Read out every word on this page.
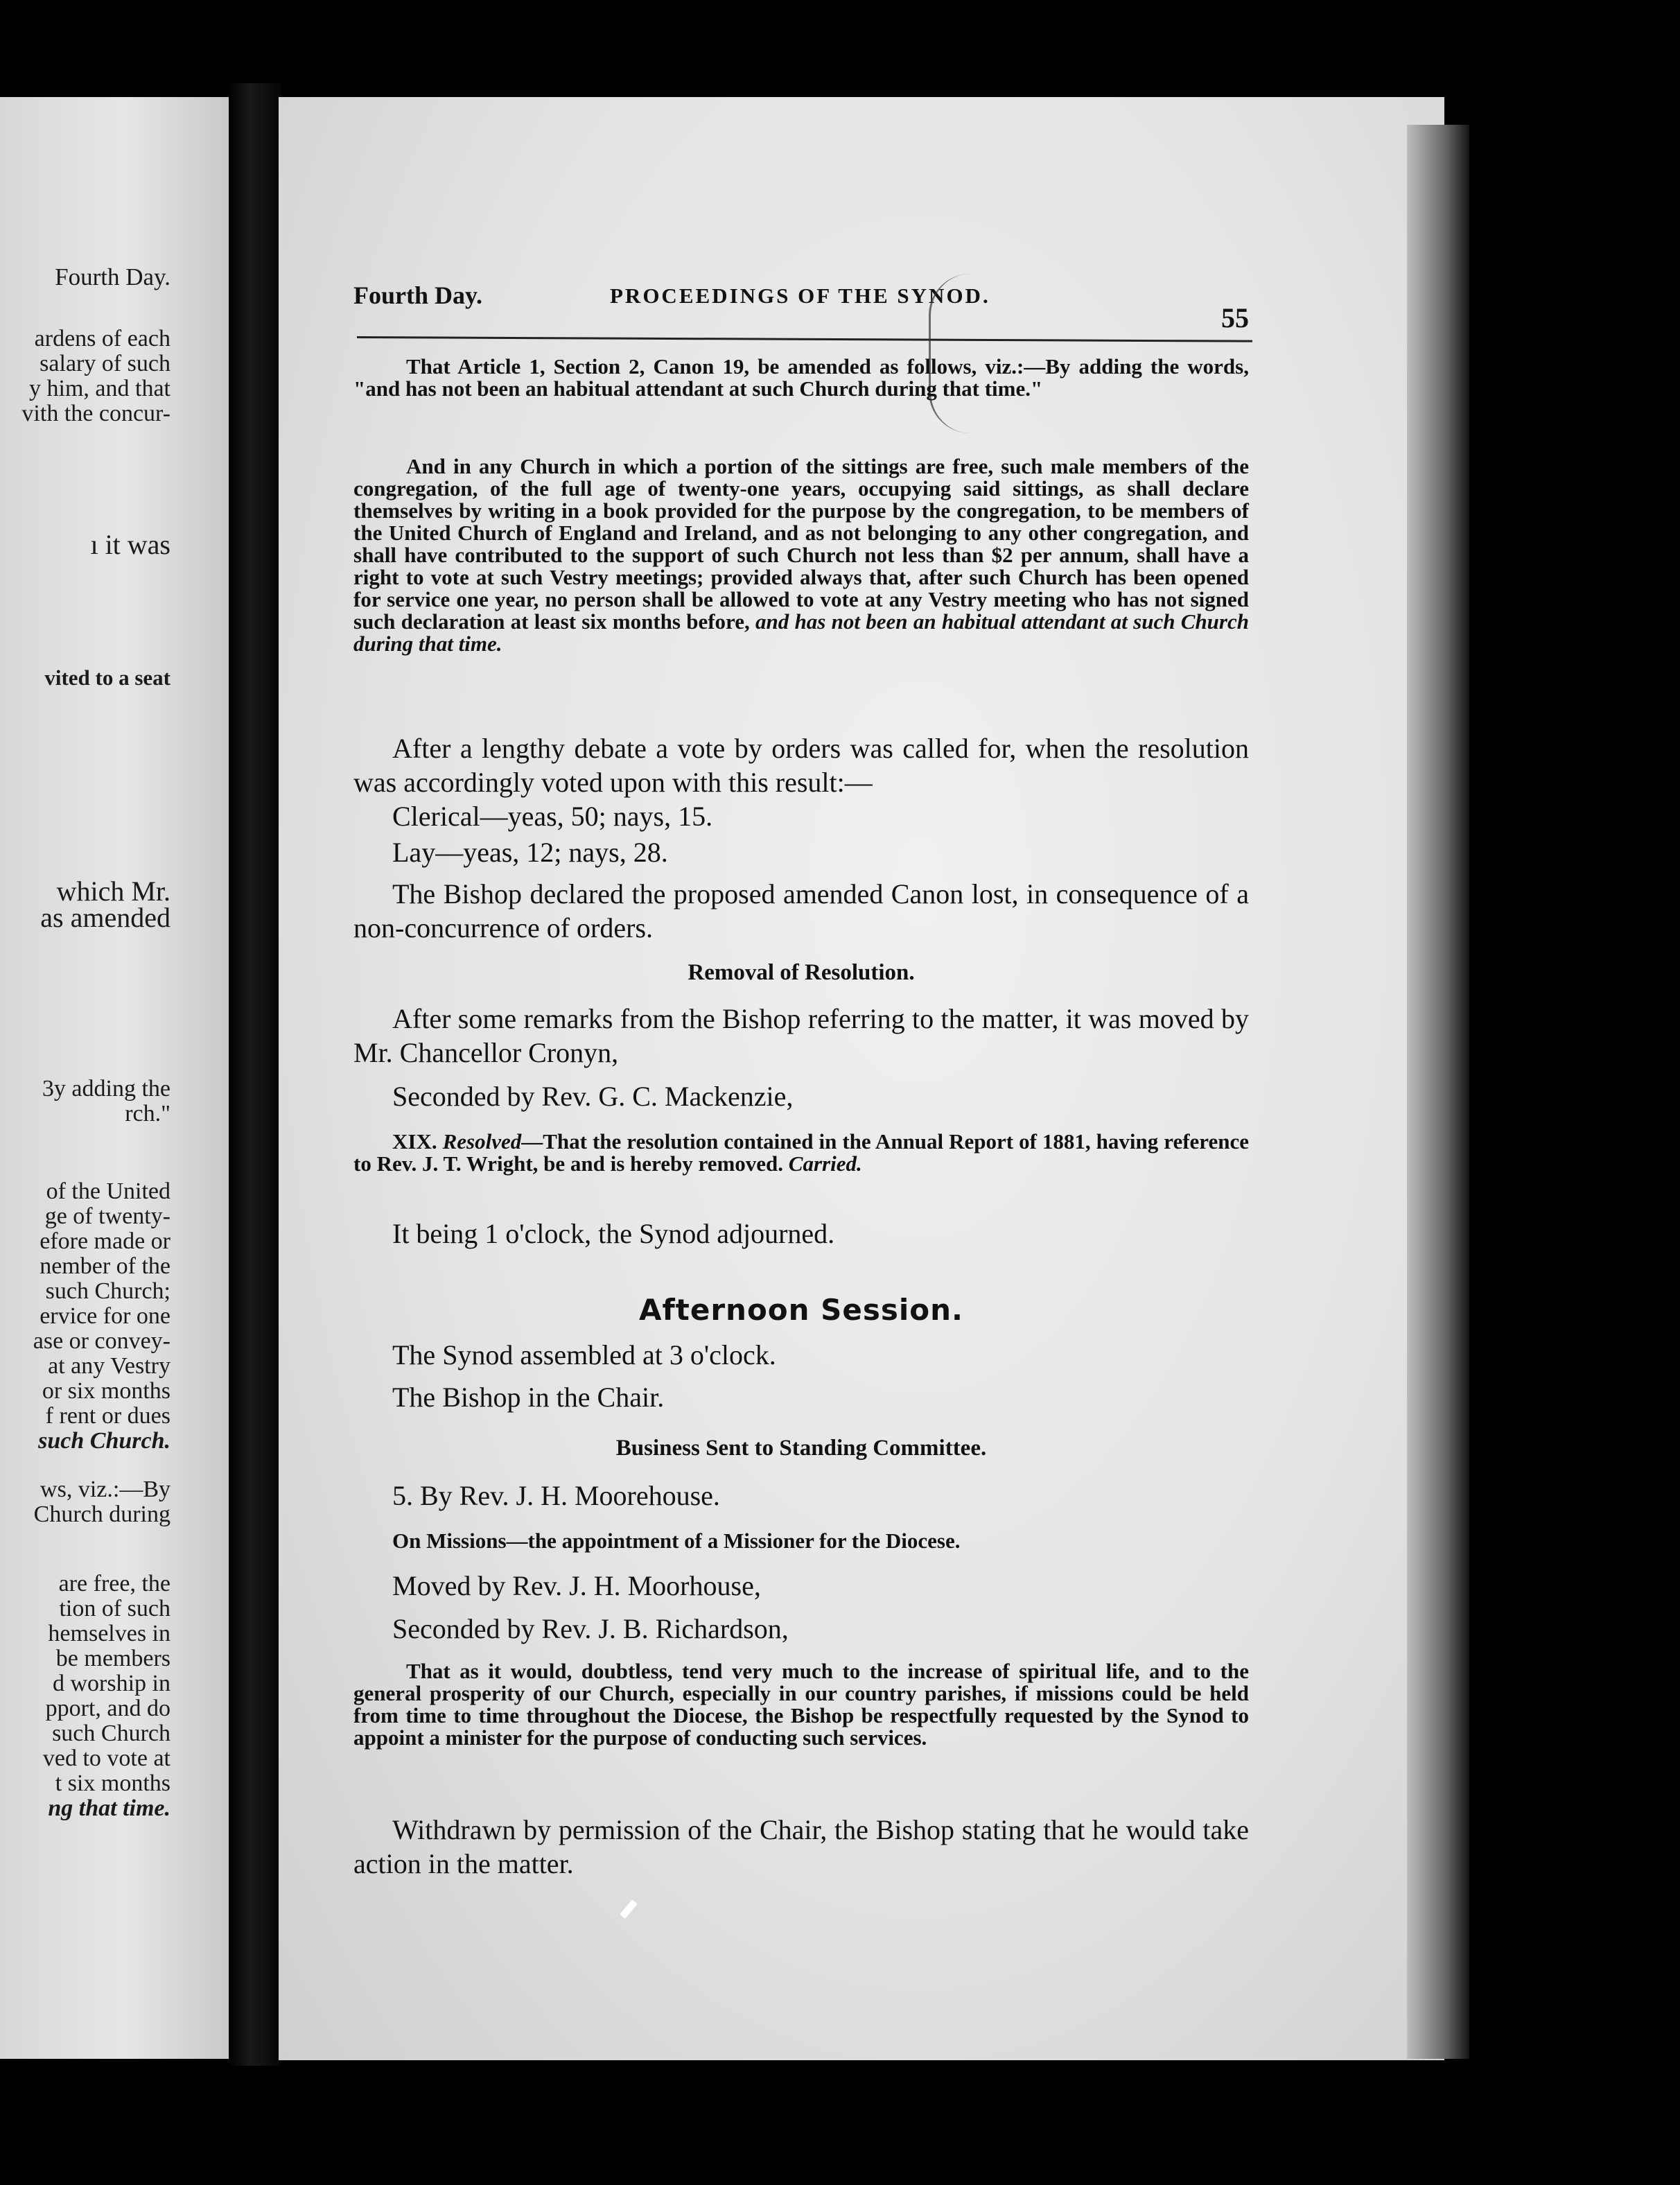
Fourth Day.
ardens of each
salary of such
y him, and that
vith the concur-
ı it was
vited to a seat
which Mr.
as amended
3y adding the
rch."
of the United
ge of twenty-
efore made or
nember of the
such Church;
ervice for one
ase or convey-
at any Vestry
or six months
f rent or dues
such Church.
ws, viz.:—By
Church during
are free, the
tion of such
hemselves in
be members
d worship in
pport, and do
such Church
ved to vote at
t six months
ng that time.
Fourth Day.	PROCEEDINGS OF THE SYNOD.
55

That Article 1, Section 2, Canon 19, be amended as follows, viz.:—By adding the words, "and has not been an habitual attendant at such Church during that time."

And in any Church in which a portion of the sittings are free, such male members of the congregation, of the full age of twenty-one years, occupying said sittings, as shall declare themselves by writing in a book provided for the purpose by the congregation, to be members of the United Church of England and Ireland, and as not belonging to any other congregation, and shall have contributed to the support of such Church not less than $2 per annum, shall have a right to vote at such Vestry meetings; provided always that, after such Church has been opened for service one year, no person shall be allowed to vote at any Vestry meeting who has not signed such declaration at least six months before, and has not been an habitual attendant at such Church during that time.

After a lengthy debate a vote by orders was called for, when the resolution was accordingly voted upon with this result:—

Clerical—yeas, 50; nays, 15.

Lay—yeas, 12; nays, 28.

The Bishop declared the proposed amended Canon lost, in consequence of a non-concurrence of orders.

Removal of Resolution.

After some remarks from the Bishop referring to the matter, it was moved by Mr. Chancellor Cronyn,

Seconded by Rev. G. C. Mackenzie,

XIX. Resolved—That the resolution contained in the Annual Report of 1881, having reference to Rev. J. T. Wright, be and is hereby removed. Carried.

It being 1 o'clock, the Synod adjourned.

Afternoon Session.

The Synod assembled at 3 o'clock.

The Bishop in the Chair.

Business Sent to Standing Committee.

5. By Rev. J. H. Moorehouse.

On Missions—the appointment of a Missioner for the Diocese.

Moved by Rev. J. H. Moorhouse,

Seconded by Rev. J. B. Richardson,

That as it would, doubtless, tend very much to the increase of spiritual life, and to the general prosperity of our Church, especially in our country parishes, if missions could be held from time to time throughout the Diocese, the Bishop be respectfully requested by the Synod to appoint a minister for the purpose of conducting such services.

Withdrawn by permission of the Chair, the Bishop stating that he would take action in the matter.
